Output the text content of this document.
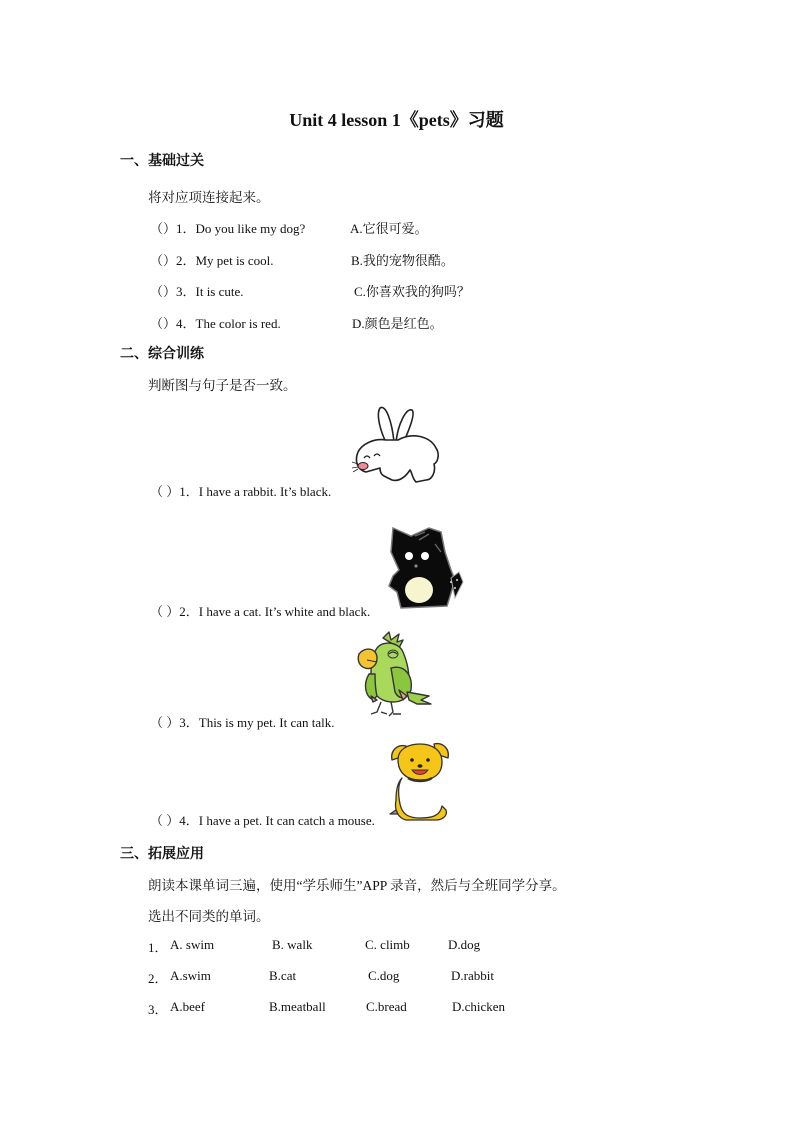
Unit 4 lesson 1《pets》习题
一、基础过关
将对应项连接起来。
（）1．Do you like my dog?	A.它很可爱。
（）2．My pet is cool.	B.我的宠物很酷。
（）3．It is cute.	C.你喜欢我的狗吗？
（）4．The color is red.	D.颜色是红色。
二、综合训练
判断图与句子是否一致。
（ ）1．I have a rabbit. It’s black.
（ ）2．I have a cat. It’s white and black.
（ ）3．This is my pet. It can talk.
（ ）4．I have a pet. It can catch a mouse.
三、拓展应用
朗读本课单词三遍，使用“学乐师生”APP 录音，然后与全班同学分享。
选出不同类的单词。
1． A. swim	B. walk	C. climb	D.dog
2． A.swim	B.cat	C.dog	D.rabbit
3． A.beef	B.meatball	C.bread	D.chicken
